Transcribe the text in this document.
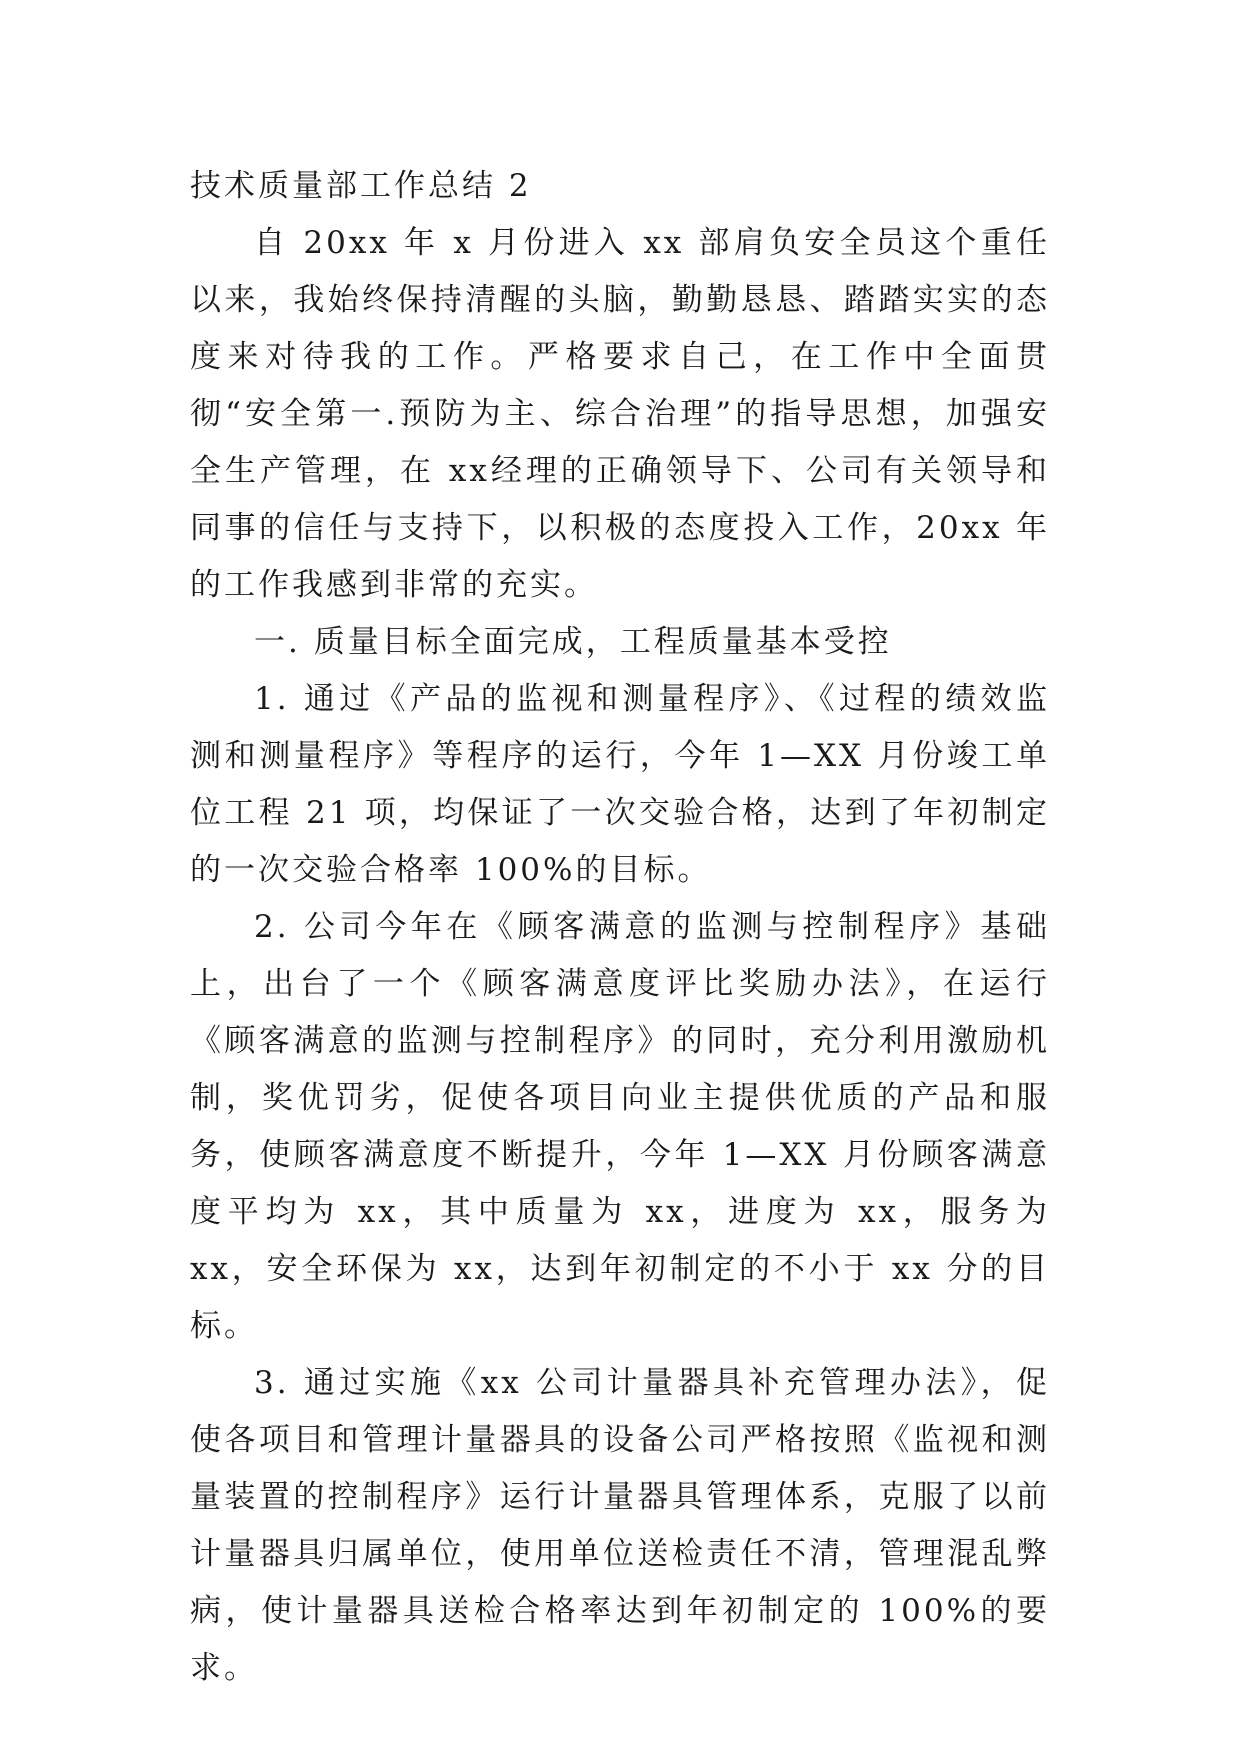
技术质量部工作总结 2

自 20xx 年 x 月份进入 xx 部肩负安全员这个重任以来，我始终保持清醒的头脑，勤勤恳恳、踏踏实实的态度来对待我的工作。严格要求自己，在工作中全面贯彻“安全第一.预防为主、综合治理”的指导思想，加强安全生产管理，在 xx经理的正确领导下、公司有关领导和同事的信任与支持下，以积极的态度投入工作，20xx 年的工作我感到非常的充实。

一. 质量目标全面完成，工程质量基本受控

1. 通过《产品的监视和测量程序》、《过程的绩效监测和测量程序》等程序的运行，今年 1—XX 月份竣工单位工程 21 项，均保证了一次交验合格，达到了年初制定的一次交验合格率 100%的目标。

2. 公司今年在《顾客满意的监测与控制程序》基础上，出台了一个《顾客满意度评比奖励办法》，在运行《顾客满意的监测与控制程序》的同时，充分利用激励机制，奖优罚劣，促使各项目向业主提供优质的产品和服务，使顾客满意度不断提升，今年 1—XX 月份顾客满意度平均为 xx，其中质量为 xx，进度为 xx，服务为 xx，安全环保为 xx，达到年初制定的不小于 xx 分的目标。

3. 通过实施《xx 公司计量器具补充管理办法》，促使各项目和管理计量器具的设备公司严格按照《监视和测量装置的控制程序》运行计量器具管理体系，克服了以前计量器具归属单位，使用单位送检责任不清，管理混乱弊病，使计量器具送检合格率达到年初制定的 100%的要求。
